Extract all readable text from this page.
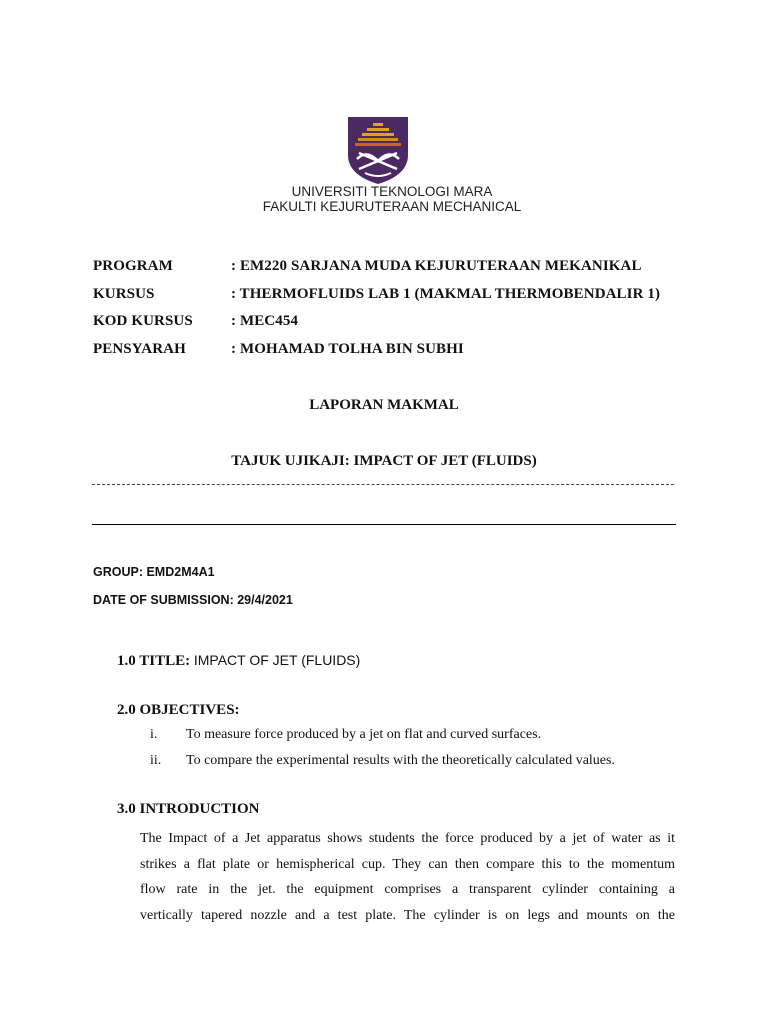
UNIVERSITI TEKNOLOGI MARA
FAKULTI KEJURUTERAAN MECHANICAL
PROGRAM	: EM220 SARJANA MUDA KEJURUTERAAN MEKANIKAL
KURSUS	: THERMOFLUIDS LAB 1 (MAKMAL THERMOBENDALIR 1)
KOD KURSUS	: MEC454
PENSYARAH	: MOHAMAD TOLHA BIN SUBHI
LAPORAN MAKMAL
TAJUK UJIKAJI: IMPACT OF JET (FLUIDS)
GROUP: EMD2M4A1
DATE OF SUBMISSION: 29/4/2021
1.0 TITLE: IMPACT OF JET (FLUIDS)
2.0 OBJECTIVES:
i.	To measure force produced by a jet on flat and curved surfaces.
ii.	To compare the experimental results with the theoretically calculated values.
3.0 INTRODUCTION
The Impact of a Jet apparatus shows students the force produced by a jet of water as it
strikes a flat plate or hemispherical cup. They can then compare this to the momentum
flow rate in the jet. the equipment comprises a transparent cylinder containing a
vertically tapered nozzle and a test plate. The cylinder is on legs and mounts on the
